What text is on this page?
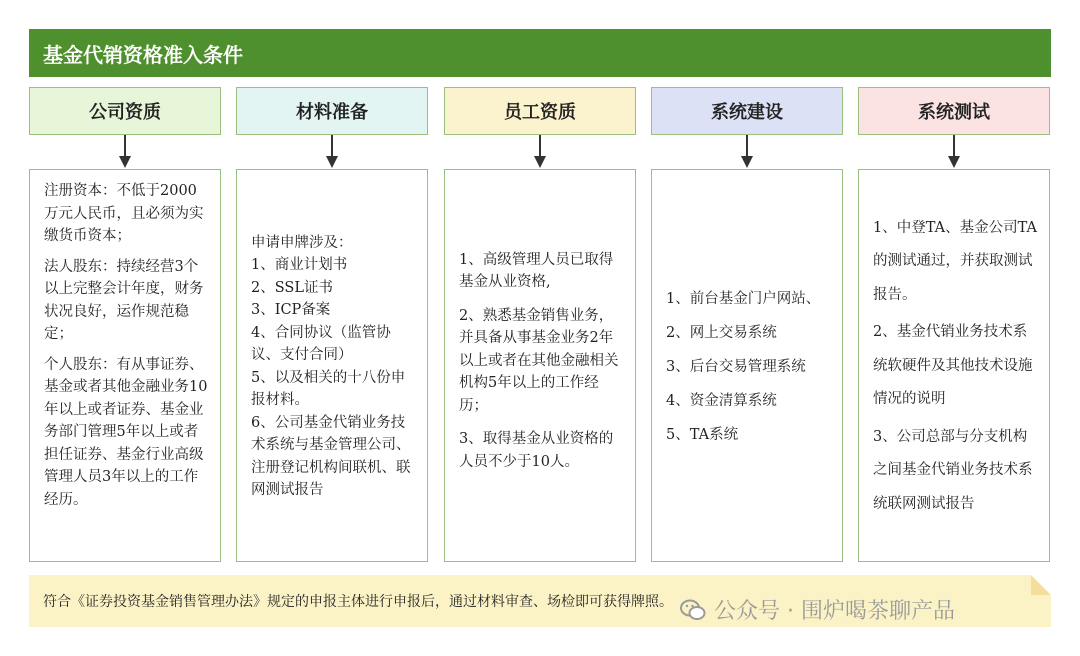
基金代销资格准入条件
公司资质
注册资本：不低于2000万元人民币，且必须为实缴货币资本；
法人股东：持续经营3个以上完整会计年度，财务状况良好，运作规范稳定；
个人股东：有从事证券、基金或者其他金融业务10年以上或者证券、基金业务部门管理5年以上或者担任证券、基金行业高级管理人员3年以上的工作经历。
材料准备
申请申牌涉及：
1、商业计划书
2、SSL证书
3、ICP备案
4、合同协议（监管协议、支付合同）
5、以及相关的十八份申报材料。
6、公司基金代销业务技术系统与基金管理公司、注册登记机构间联机、联网测试报告
员工资质
1、高级管理人员已取得基金从业资格,
2、熟悉基金销售业务，并具备从事基金业务2年以上或者在其他金融相关机构5年以上的工作经历；
3、取得基金从业资格的人员不少于10人。
系统建设
1、前台基金门户网站、
2、网上交易系统
3、后台交易管理系统
4、资金清算系统
5、TA系统
系统测试
1、中登TA、基金公司TA的测试通过，并获取测试报告。
2、基金代销业务技术系统软硬件及其他技术设施情况的说明
3、公司总部与分支机构之间基金代销业务技术系统联网测试报告
符合《证券投资基金销售管理办法》规定的申报主体进行申报后，通过材料审查、场检即可获得牌照。 公众号 · 围炉喝茶聊产品
